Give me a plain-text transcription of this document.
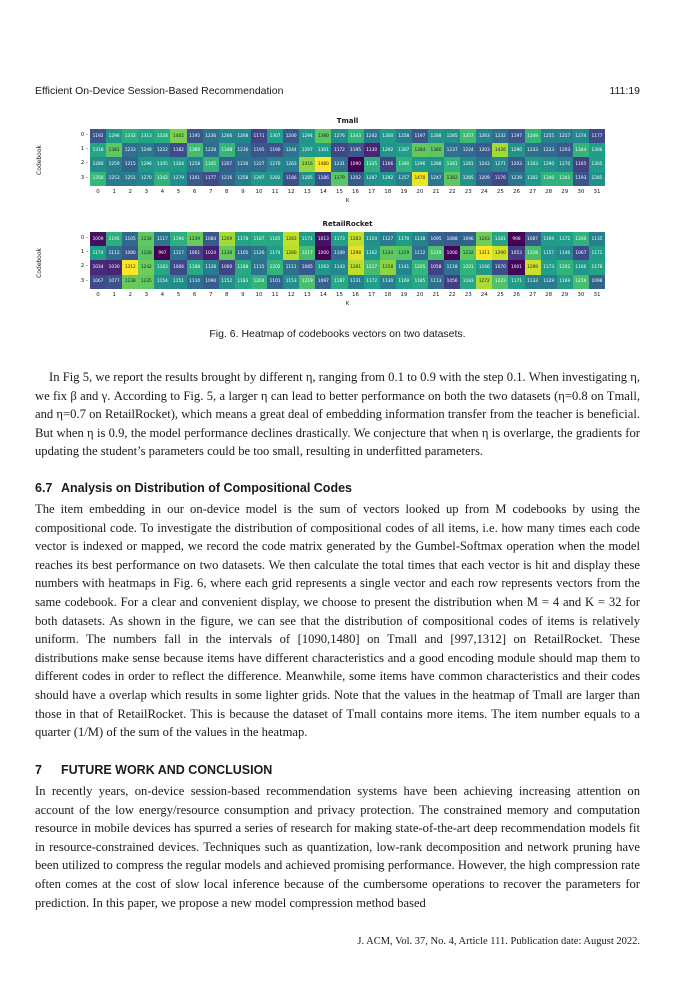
Efficient On-Device Session-Based Recommendation	111:19
Tmall
Codebook
0 -
1 -
2 -
3 -
1192	1296	1332	1313	1328	1402	1195	1236	1266	1268	1171	1307	1200	1294	1380	1276	1343	1242	1300	1258	1197	1288	1285	1357	1263	1232	1197	1349	1255	1257	1274	1177
1318	1381	1233	1249	1222	1182	1360	1228	1348	1236	1195	1190	1244	1297	1301	1172	1195	1130	1292	1307	1384	1380	1237	1224	1203	1426	1290	1233	1223	1203	1344	1306
1280	1259	1215	1296	1305	1304	1258	1345	1207	1230	1227	1270	1263	1416	1480	1231	1090	1335	1166	1340	1296	1288	1341	1281	1243	1271	1203	1303	1290	1270	1165	1305
1350	1253	1251	1270	1342	1279	1201	1177	1216	1258	1297	1292	1186	1285	1186	1379	1202	1287	1292	1257	1470	1247	1382	1285	1209	1176	1239	1302	1340	1341	1193	1285
0	1	2	3	4	5	6	7	8	9	10	11	12	13	14	15	16	17	18	19	20	21	22	23	24	25	26	27	28	29	30	31
K
RetailRocket
Codebook
0 -
1 -
2 -
3 -
1009	1195	1105	1234	1117	1194	1239	1084	1269	1178	1187	1185	1283	1171	1013	1173	1283	1154	1127	1170	1138	1095	1088	1096	1243	1181	998	1087	1169	1172	1200	1135
1174	1112	1080	1228	997	1117	1061	1024	1238	1105	1126	1174	1280	1217	1000	1109	1298	1162	1234	1229	1112	1219	1000	1232	1311	1290	1053	1218	1157	1146	1067	1171
1034	1030	1312	1242	1183	1066	1188	1128	1060	1188	1115	1202	1111	1085	1163	1143	1281	1217	1258	1141	1205	1058	1118	1201	1166	1070	1001	1289	1173	1202	1166	1178
1067	1077	1238	1235	1154	1151	1110	1090	1152	1183	1204	1101	1153	1219	1097	1187	1131	1172	1130	1169	1185	1113	1056	1183	1272	1223	1171	1133	1129	1169	1219	1098
0	1	2	3	4	5	6	7	8	9	10	11	12	13	14	15	16	17	18	19	20	21	22	23	24	25	26	27	28	29	30	31
K
Fig. 6. Heatmap of codebooks vectors on two datasets.

In Fig 5, we report the results brought by different η, ranging from 0.1 to 0.9 with the step 0.1. When investigating η, we fix β and γ. According to Fig. 5, a larger η can lead to better performance on both the two datasets (η=0.8 on Tmall, and η=0.7 on RetailRocket), which means a great deal of embedding information transfer from the teacher is beneficial. But when η is 0.9, the model performance declines drastically. We conjecture that when η is overlarge, the gradients for updating the student’s parameters could be too small, resulting in underfitted parameters.

6.7 Analysis on Distribution of Compositional Codes

The item embedding in our on-device model is the sum of vectors looked up from M codebooks by using the compositional code. To investigate the distribution of compositional codes of all items, i.e. how many times each code vector is indexed or mapped, we record the code matrix generated by the Gumbel-Softmax operation when the model reaches its best performance on two datasets. We then calculate the total times that each vector is hit and display these numbers with heatmaps in Fig. 6, where each grid represents a single vector and each row represents vectors from the same codebook. For a clear and convenient display, we choose to present the distribution when M = 4 and K = 32 for both datasets. As shown in the figure, we can see that the distribution of compositional codes of items is relatively uniform. The numbers fall in the intervals of [1090,1480] on Tmall and [997,1312] on RetailRocket. These distributions make sense because items have different characteristics and a good encoding module should map them to different codes in order to reflect the difference. Meanwhile, some items have common characteristics and their codes should have a overlap which results in some lighter grids. Note that the values in the heatmap of Tmall are larger than those in that of RetailRocket. This is because the dataset of Tmall contains more items. The item number equals to a quarter (1/M) of the sum of the values in the heatmap.

7 FUTURE WORK AND CONCLUSION

In recently years, on-device session-based recommendation systems have been achieving increasing attention on account of the low energy/resource consumption and privacy protection. The constrained memory and computation resource in mobile devices has spurred a series of research for making state-of-the-art deep recommendation models fit in resource-constrained devices. Techniques such as quantization, low-rank decomposition and network pruning have been utilized to compress the regular models and achieved promising performance. However, the high compression rate often comes at the cost of slow local inference because of the cumbersome operations to recover the parameters for prediction. In this paper, we propose a new model compression method based

J. ACM, Vol. 37, No. 4, Article 111. Publication date: August 2022.
